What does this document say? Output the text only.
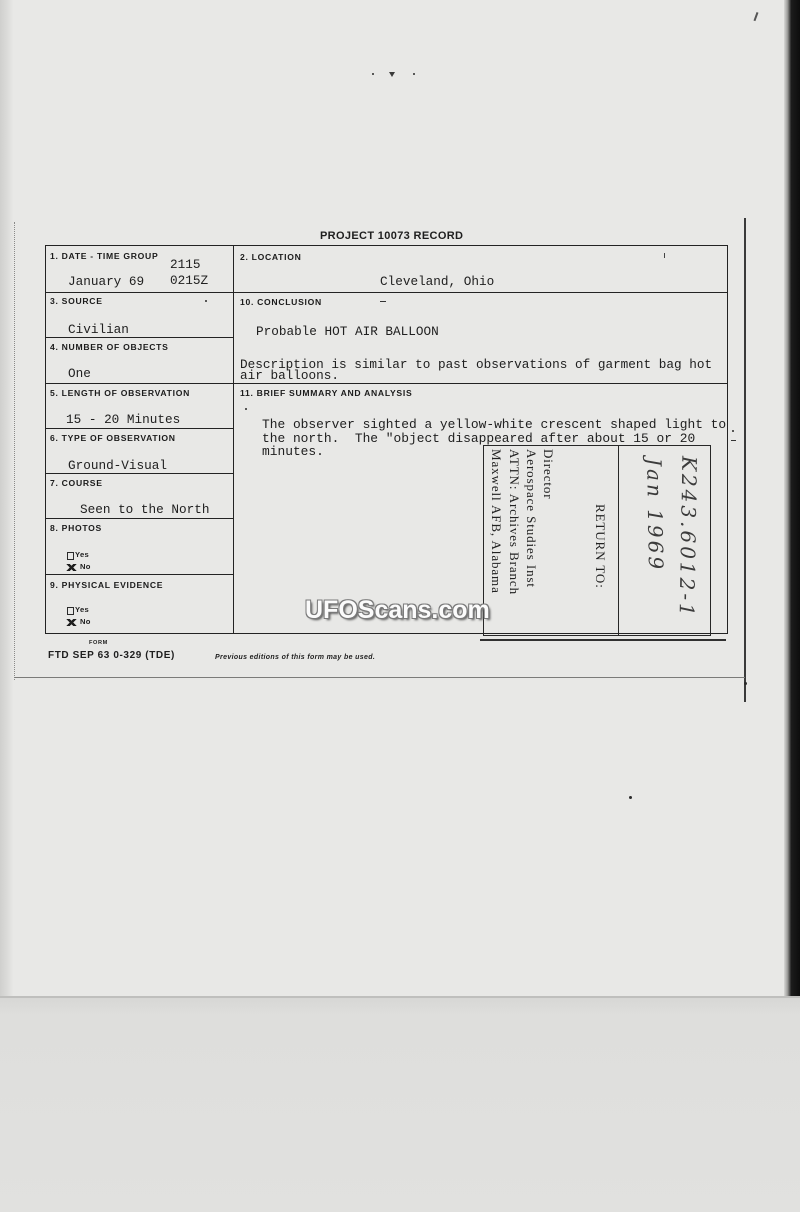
PROJECT 10073 RECORD
1. DATE - TIME GROUP
2115
January 69 0215Z
2. LOCATION
Cleveland, Ohio
3. SOURCE
Civilian
10. CONCLUSION
Probable HOT AIR BALLOON
Description is similar to past observations of garment bag hot
air balloons.
4. NUMBER OF OBJECTS
One
5. LENGTH OF OBSERVATION
15 - 20 Minutes
11. BRIEF SUMMARY AND ANALYSIS
The observer sighted a yellow-white crescent shaped light to
the north.  The "object disappeared after about 15 or 20
minutes.
6. TYPE OF OBSERVATION
Ground-Visual
7. COURSE
Seen to the North
8. PHOTOS
Yes
No
9. PHYSICAL EVIDENCE
Yes
No
FORM
FTD SEP 63 0-329 (TDE)	Previous editions of this form may be used.
RETURN TO:
Director
Aerospace Studies Inst
ATTN: Archives Branch
Maxwell AFB, Alabama	K243.6012-1
Jan 1969
UFOScans.com
